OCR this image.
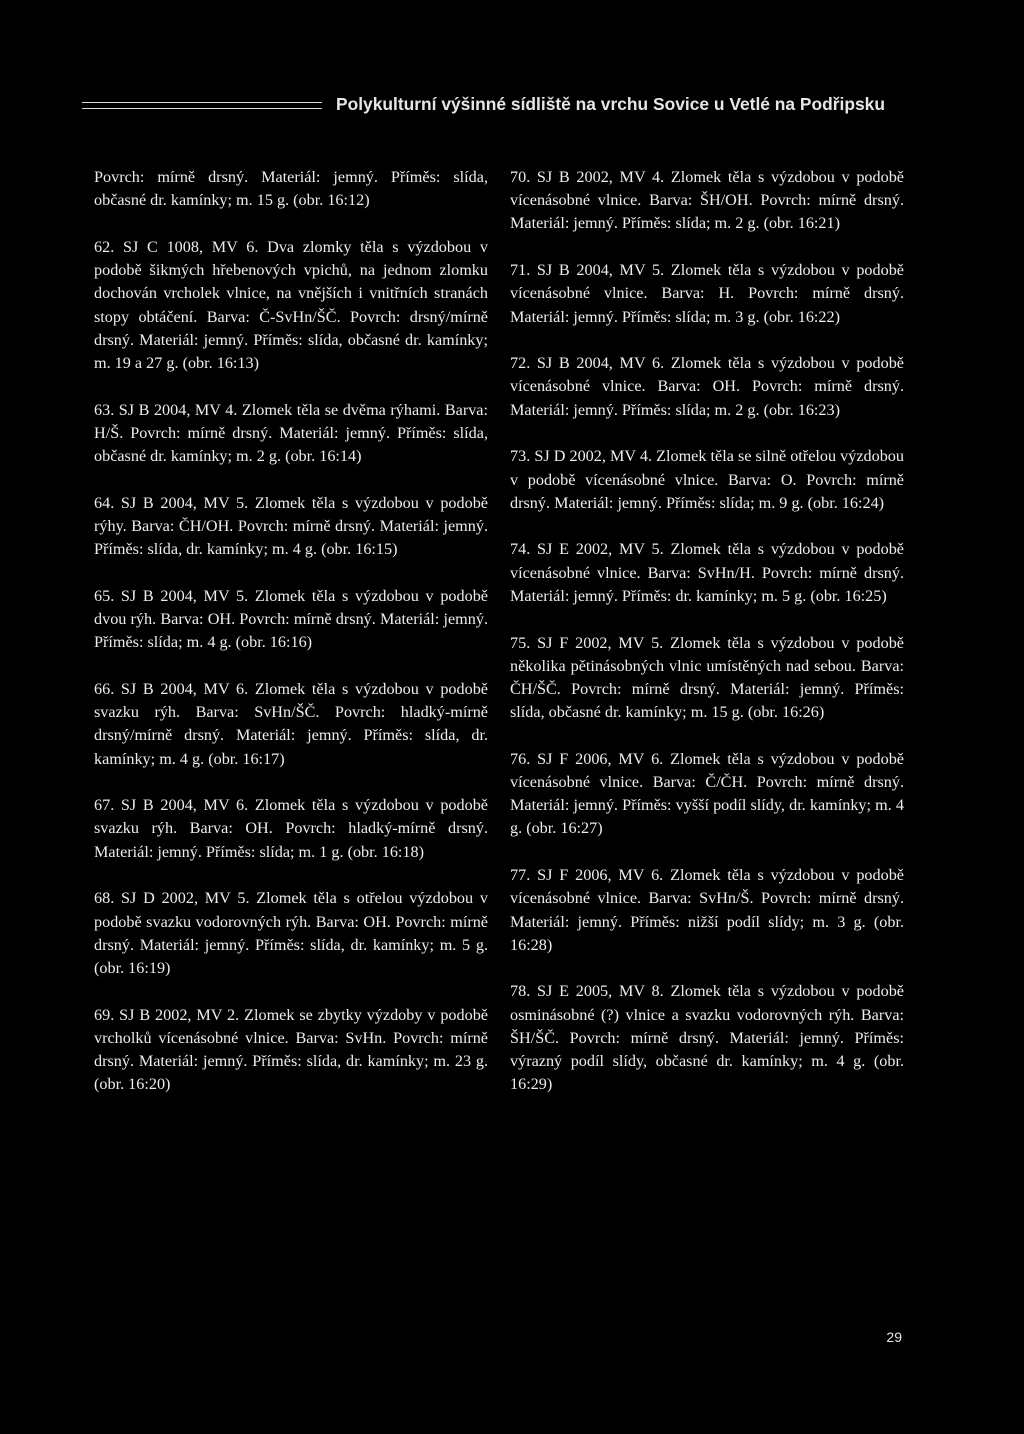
Polykulturní výšinné sídliště na vrchu Sovice u Vetlé na Podřipsku

Povrch: mírně drsný. Materiál: jemný. Příměs: slída, občasné dr. kamínky; m. 15 g. (obr. 16:12)

62. SJ C 1008, MV 6. Dva zlomky těla s výzdobou v podobě šikmých hřebenových vpichů, na jednom zlomku dochován vrcholek vlnice, na vnějších i vnitřních stranách stopy obtáčení. Barva: Č-SvHn/ŠČ. Povrch: drsný/mírně drsný. Materiál: jemný. Příměs: slída, občasné dr. kamínky; m. 19 a 27 g. (obr. 16:13)

63. SJ B 2004, MV 4. Zlomek těla se dvěma rýhami. Barva: H/Š. Povrch: mírně drsný. Materiál: jemný. Příměs: slída, občasné dr. kamínky; m. 2 g. (obr. 16:14)

64. SJ B 2004, MV 5. Zlomek těla s výzdobou v podobě rýhy. Barva: ČH/OH. Povrch: mírně drsný. Materiál: jemný. Příměs: slída, dr. kamínky; m. 4 g. (obr. 16:15)

65. SJ B 2004, MV 5. Zlomek těla s výzdobou v podobě dvou rýh. Barva: OH. Povrch: mírně drsný. Materiál: jemný. Příměs: slída; m. 4 g. (obr. 16:16)

66. SJ B 2004, MV 6. Zlomek těla s výzdobou v podobě svazku rýh. Barva: SvHn/ŠČ. Povrch: hladký-mírně drsný/mírně drsný. Materiál: jemný. Příměs: slída, dr. kamínky; m. 4 g. (obr. 16:17)

67. SJ B 2004, MV 6. Zlomek těla s výzdobou v podobě svazku rýh. Barva: OH. Povrch: hladký-mírně drsný. Materiál: jemný. Příměs: slída; m. 1 g. (obr. 16:18)

68. SJ D 2002, MV 5. Zlomek těla s otřelou výzdobou v podobě svazku vodorovných rýh. Barva: OH. Povrch: mírně drsný. Materiál: jemný. Příměs: slída, dr. kamínky; m. 5 g. (obr. 16:19)

69. SJ B 2002, MV 2. Zlomek se zbytky výzdoby v podobě vrcholků vícenásobné vlnice. Barva: SvHn. Povrch: mírně drsný. Materiál: jemný. Příměs: slída, dr. kamínky; m. 23 g. (obr. 16:20)

70. SJ B 2002, MV 4. Zlomek těla s výzdobou v podobě vícenásobné vlnice. Barva: ŠH/OH. Povrch: mírně drsný. Materiál: jemný. Příměs: slída; m. 2 g. (obr. 16:21)

71. SJ B 2004, MV 5. Zlomek těla s výzdobou v podobě vícenásobné vlnice. Barva: H. Povrch: mírně drsný. Materiál: jemný. Příměs: slída; m. 3 g. (obr. 16:22)

72. SJ B 2004, MV 6. Zlomek těla s výzdobou v podobě vícenásobné vlnice. Barva: OH. Povrch: mírně drsný. Materiál: jemný. Příměs: slída; m. 2 g. (obr. 16:23)

73. SJ D 2002, MV 4. Zlomek těla se silně otřelou výzdobou v podobě vícenásobné vlnice. Barva: O. Povrch: mírně drsný. Materiál: jemný. Příměs: slída; m. 9 g. (obr. 16:24)

74. SJ E 2002, MV 5. Zlomek těla s výzdobou v podobě vícenásobné vlnice. Barva: SvHn/H. Povrch: mírně drsný. Materiál: jemný. Příměs: dr. kamínky; m. 5 g. (obr. 16:25)

75. SJ F 2002, MV 5. Zlomek těla s výzdobou v podobě několika pětinásobných vlnic umístěných nad sebou. Barva: ČH/ŠČ. Povrch: mírně drsný. Materiál: jemný. Příměs: slída, občasné dr. kamínky; m. 15 g. (obr. 16:26)

76. SJ F 2006, MV 6. Zlomek těla s výzdobou v podobě vícenásobné vlnice. Barva: Č/ČH. Povrch: mírně drsný. Materiál: jemný. Příměs: vyšší podíl slídy, dr. kamínky; m. 4 g. (obr. 16:27)

77. SJ F 2006, MV 6. Zlomek těla s výzdobou v podobě vícenásobné vlnice. Barva: SvHn/Š. Povrch: mírně drsný. Materiál: jemný. Příměs: nižší podíl slídy; m. 3 g. (obr. 16:28)

78. SJ E 2005, MV 8. Zlomek těla s výzdobou v podobě osminásobné (?) vlnice a svazku vodorovných rýh. Barva: ŠH/ŠČ. Povrch: mírně drsný. Materiál: jemný. Příměs: výrazný podíl slídy, občasné dr. kamínky; m. 4 g. (obr. 16:29)

29
